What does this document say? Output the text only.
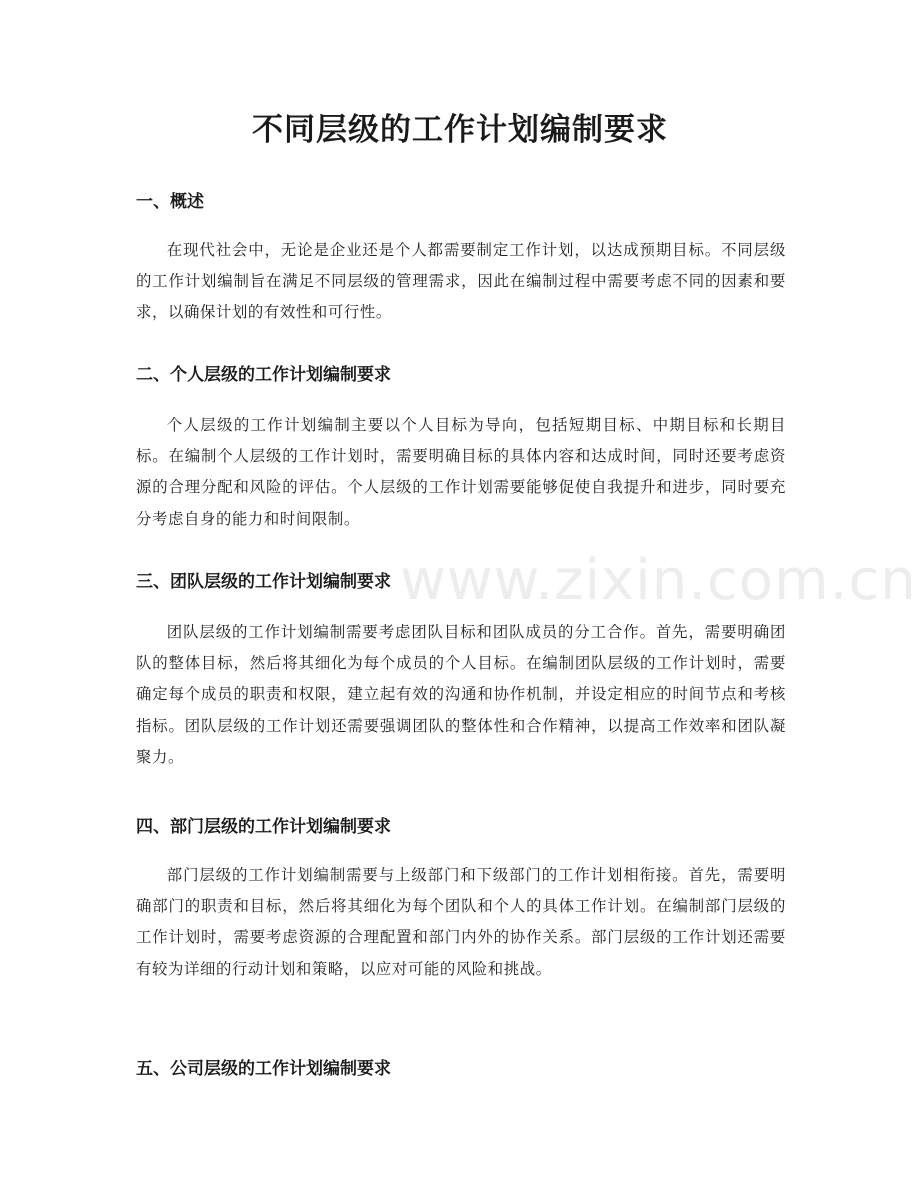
不同层级的工作计划编制要求
一、概述

在现代社会中，无论是企业还是个人都需要制定工作计划，以达成预期目标。不同层级的工作计划编制旨在满足不同层级的管理需求，因此在编制过程中需要考虑不同的因素和要求，以确保计划的有效性和可行性。

二、个人层级的工作计划编制要求

个人层级的工作计划编制主要以个人目标为导向，包括短期目标、中期目标和长期目标。在编制个人层级的工作计划时，需要明确目标的具体内容和达成时间，同时还要考虑资源的合理分配和风险的评估。个人层级的工作计划需要能够促使自我提升和进步，同时要充分考虑自身的能力和时间限制。

三、团队层级的工作计划编制要求

团队层级的工作计划编制需要考虑团队目标和团队成员的分工合作。首先，需要明确团队的整体目标，然后将其细化为每个成员的个人目标。在编制团队层级的工作计划时，需要确定每个成员的职责和权限，建立起有效的沟通和协作机制，并设定相应的时间节点和考核指标。团队层级的工作计划还需要强调团队的整体性和合作精神，以提高工作效率和团队凝聚力。

四、部门层级的工作计划编制要求

部门层级的工作计划编制需要与上级部门和下级部门的工作计划相衔接。首先，需要明确部门的职责和目标，然后将其细化为每个团队和个人的具体工作计划。在编制部门层级的工作计划时，需要考虑资源的合理配置和部门内外的协作关系。部门层级的工作计划还需要有较为详细的行动计划和策略，以应对可能的风险和挑战。

五、公司层级的工作计划编制要求
www.zixin.com.cn
